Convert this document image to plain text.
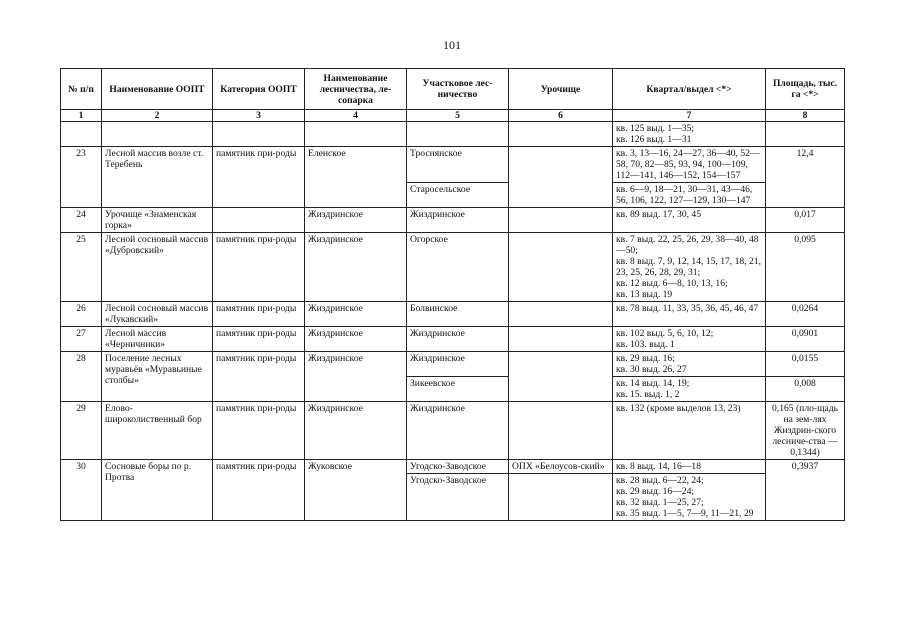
101
№ п/п	Наименование ООПТ	Категория ООПТ	Наименование лесничества, ле-сопарка	Участковое лес-ничество	Урочище	Квартал/выдел <*>	Площадь, тыс. га <*>
1	2	3	4	5	6	7	8
						кв. 125 выд. 1—35;
кв. 126 выд. 1—31	
23	Лесной массив возле ст. Теребень	памятник при-роды	Еленское	Троснянское		кв. 3, 13—16, 24—27, 36—40, 52—58, 70, 82—85, 93, 94, 100—109, 112—141, 146—152, 154—157	12,4
				Старосельское		кв. 6—9, 18—21, 30—31, 43—46, 56, 106, 122, 127—129, 130—147	
24	Урочище «Знаменская горка»		Жиздринское	Жиздринское		кв. 89 выд. 17, 30, 45	0,017
25	Лесной сосновый массив «Дубровский»	памятник при-роды	Жиздринское	Огорское		кв. 7 выд. 22, 25, 26, 29, 38—40, 48—50;
кв. 8 выд. 7, 9, 12, 14, 15, 17, 18, 21, 23, 25, 26, 28, 29, 31;
кв. 12 выд. 6—8, 10, 13, 16;
кв. 13 выд. 19	0,095
26	Лесной сосновый массив «Лукавский»	памятник при-роды	Жиздринское	Болвинское		кв. 78 выд. 11, 33, 35, 36, 45, 46, 47	0,0264
27	Лесной массив «Черничники»	памятник при-роды	Жиздринское	Жиздринское		кв. 102 выд. 5, 6, 10, 12;
кв. 103. выд. 1	0,0901
28	Поселение лесных муравьёв «Муравьиные столбы»	памятник при-роды	Жиздринское	Жиздринское		кв. 29 выд. 16;
кв. 30 выд. 26, 27	0,0155
				Зикеевское		кв. 14 выд. 14, 19;
кв. 15. выд. 1, 2	0,008
29	Елово-широколиственный бор	памятник при-роды	Жиздринское	Жиздринское		кв. 132 (кроме выделов 13, 23)	0,165 (пло-щадь на зем-лях Жиздрин-ского лесниче-ства — 0,1344)
30	Сосновые боры по р. Протва	памятник при-роды	Жуковское	Угодско-Заводское	ОПХ «Белоусов-ский»	кв. 8 выд. 14, 16—18	0,3937
				Угодско-Заводское		кв. 28 выд. 6—22, 24;
кв. 29 выд. 16—24;
кв. 32 выд. 1—25, 27;
кв. 35 выд. 1—5, 7—9, 11—21, 29	
